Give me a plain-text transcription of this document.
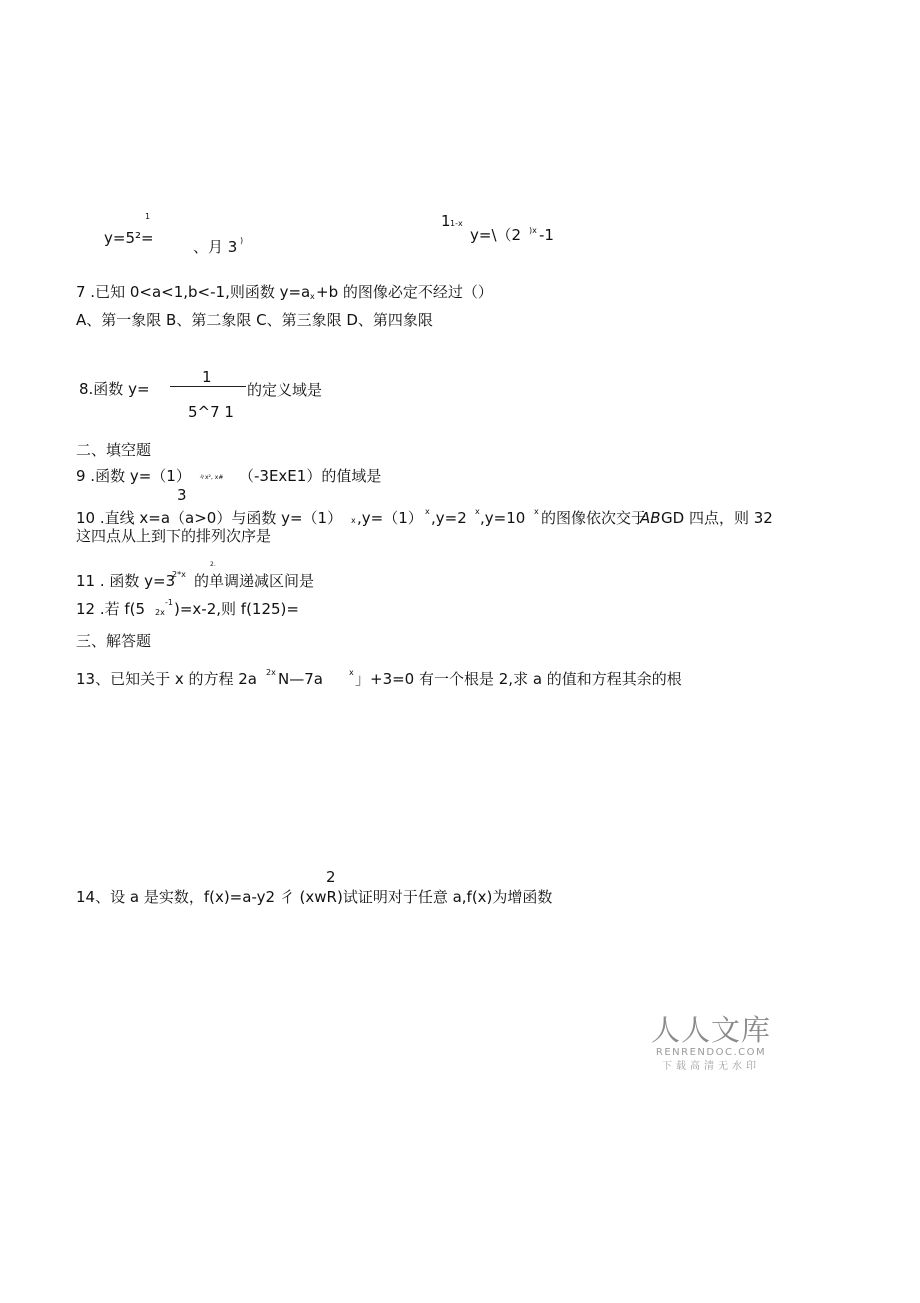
1
y=5²=	、月 3 )
1 1-x
y=\（2 )x -1
7 .已知 0<a<1,b<-1,则函数 y=a x +b 的图像必定不经过（）
A、第一象限 B、第二象限 C、第三象限 D、第四象限
8.函数 y=
1
的定义域是
5^7 1
二、填空题
9 .函数 y=（1） 々x², x# （-3ExE1）的值域是
3
10 .直线 x=a（a>0）与函数 y=（1） x ,y=（1） x ,y=2 x ,y=10 x 的图像依次交于
AB GD 四点，则 32
这四点从上到下的排列次序是
2.
11 . 函数 y=3
2*x 的单调递减区间是
12 .若 f(5 2x
-1 )=x-2,则 f(125)=
三、解答题
13、已知关于 x 的方程 2a 2x N—7a	x 」+3=0 有一个根是 2,求 a 的值和方程其余的根
2
14、设 a 是实数，f(x)=a-y2 彳 (xwR)试证明对于任意 a,f(x)为增函数
人人文库
RENRENDOC.COM
下载高清无水印
